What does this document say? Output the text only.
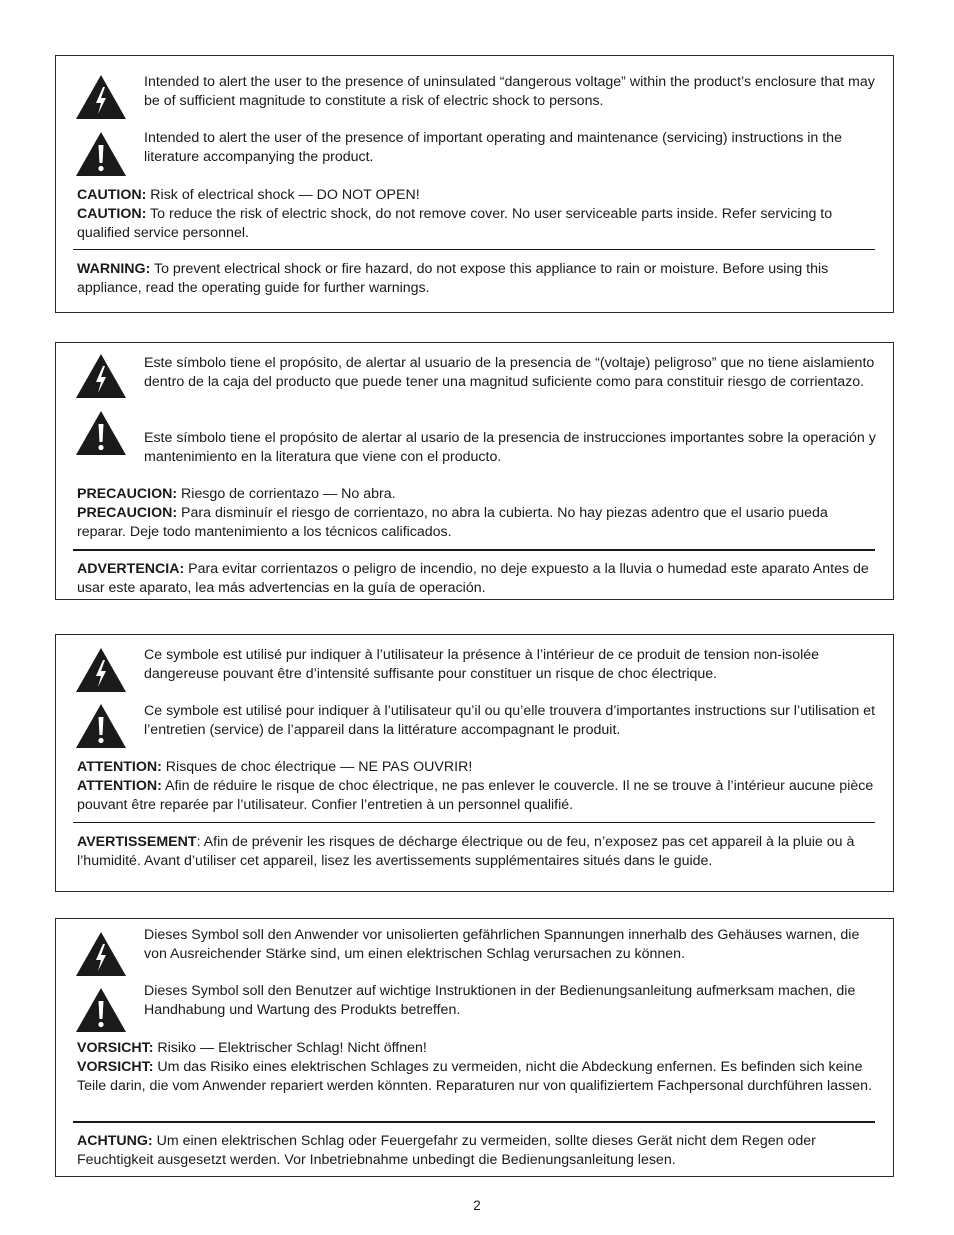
Intended to alert the user to the presence of uninsulated “dangerous voltage” within the product’s enclosure that may be of sufficient magnitude to constitute a risk of electric shock to persons.
Intended to alert the user of the presence of important operating and maintenance (servicing) instructions in the literature accompanying the product.
CAUTION: Risk of electrical shock — DO NOT OPEN!
CAUTION: To reduce the risk of electric shock, do not remove cover. No user serviceable parts inside. Refer servicing to qualified service personnel.
WARNING: To prevent electrical shock or fire hazard, do not expose this appliance to rain or moisture. Before using this appliance, read the operating guide for further warnings.
Este símbolo tiene el propósito, de alertar al usuario de la presencia de “(voltaje) peligroso” que no tiene aislamiento dentro de la caja del producto que puede tener una magnitud suficiente como para constituir riesgo de corrientazo.
Este símbolo tiene el propósito de alertar al usario de la presencia de instrucciones importantes sobre la operación y mantenimiento en la literatura que viene con el producto.
PRECAUCION: Riesgo de corrientazo — No abra.
PRECAUCION: Para disminuír el riesgo de corrientazo, no abra la cubierta. No hay piezas adentro que el usario pueda reparar. Deje todo mantenimiento a los técnicos calificados.
ADVERTENCIA: Para evitar corrientazos o peligro de incendio, no deje expuesto a la lluvia o humedad este aparato Antes de usar este aparato, lea más advertencias en la guía de operación.
Ce symbole est utilisé pur indiquer à l’utilisateur la présence à l’intérieur de ce produit de tension non-isolée dangereuse pouvant être d’intensité suffisante pour constituer un risque de choc électrique.
Ce symbole est utilisé pour indiquer à l’utilisateur qu’il ou qu’elle trouvera d’importantes instructions sur l’utilisation et l’entretien (service) de l’appareil dans la littérature accompagnant le produit.
ATTENTION: Risques de choc électrique — NE PAS OUVRIR!
ATTENTION: Afin de réduire le risque de choc électrique, ne pas enlever le couvercle. Il ne se trouve à l’intérieur aucune pièce pouvant être reparée par l’utilisateur. Confier l’entretien à un personnel qualifié.
AVERTISSEMENT: Afin de prévenir les risques de décharge électrique ou de feu, n’exposez pas cet appareil à la pluie ou à l’humidité. Avant d’utiliser cet appareil, lisez les avertissements supplémentaires situés dans le guide.
Dieses Symbol soll den Anwender vor unisolierten gefährlichen Spannungen innerhalb des Gehäuses warnen, die von Ausreichender Stärke sind, um einen elektrischen Schlag verursachen zu können.
Dieses Symbol soll den Benutzer auf wichtige Instruktionen in der Bedienungsanleitung aufmerksam machen, die Handhabung und Wartung des Produkts betreffen.
VORSICHT: Risiko — Elektrischer Schlag! Nicht öffnen!
VORSICHT: Um das Risiko eines elektrischen Schlages zu vermeiden, nicht die Abdeckung enfernen. Es befinden sich keine Teile darin, die vom Anwender repariert werden könnten. Reparaturen nur von qualifiziertem Fachpersonal durchführen lassen.
ACHTUNG: Um einen elektrischen Schlag oder Feuergefahr zu vermeiden, sollte dieses Gerät nicht dem Regen oder Feuchtigkeit ausgesetzt werden. Vor Inbetriebnahme unbedingt die Bedienungsanleitung lesen.
2
